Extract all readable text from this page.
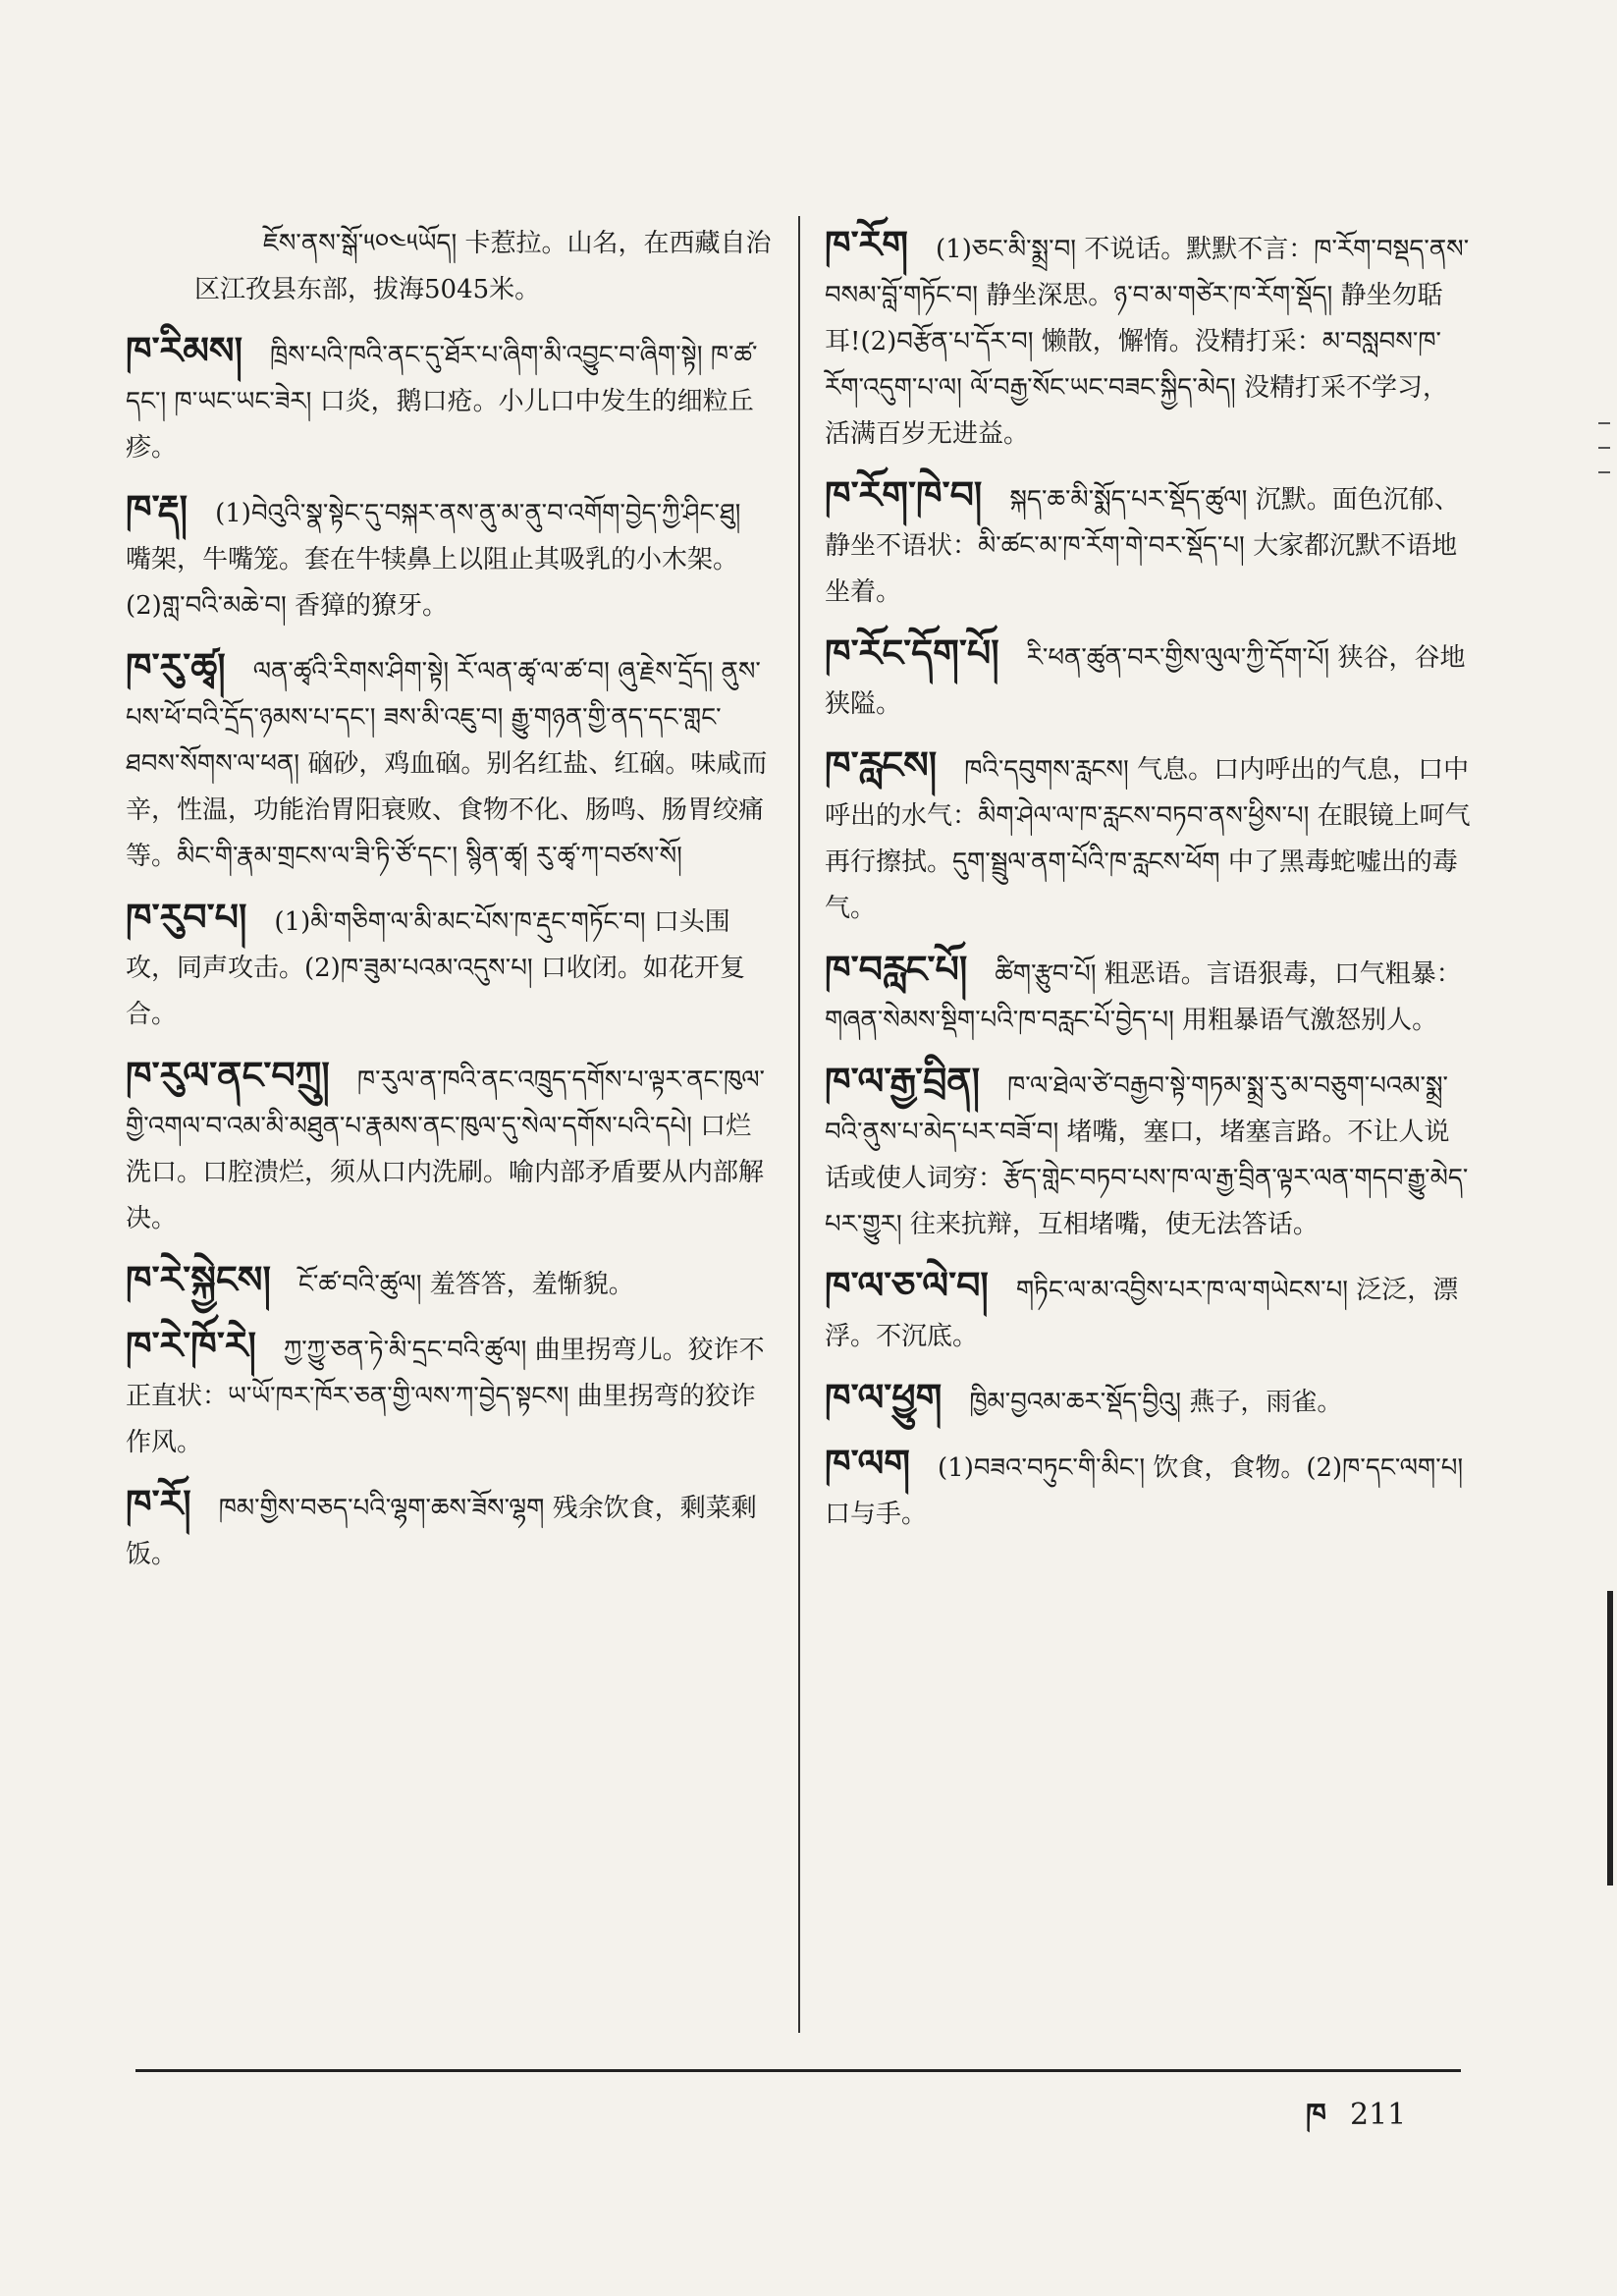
ཇོས་ནས་སྒོ་༥༠༤༥ཡོད། 卡惹拉。山名，在西藏自治区江孜县东部，拔海5045米。
ཁ་རིམས། ཁྲིས་པའི་ཁའི་ནང་དུ་ཐོར་པ་ཞིག་མི་འབྱུང་བ་ཞིག་སྟེ། ཁ་ཚ་དང་། ཁ་ཡང་ཡང་ཟེར། 口炎，鹅口疮。小儿口中发生的细粒丘疹。
ཁ་རྡ། (1)བེའུའི་སྣ་སྟེང་དུ་བསྐར་ནས་ནུ་མ་ནུ་བ་འགོག་བྱེད་ཀྱི་ཤིང་ཐུ། 嘴架，牛嘴笼。套在牛犊鼻上以阻止其吸乳的小木架。(2)གླ་བའི་མཆེ་བ། 香獐的獠牙。
ཁ་རུ་ཚྭ། ལན་ཚྭའི་རིགས་ཤིག་སྟེ། རོ་ལན་ཚྭ་ལ་ཚ་བ། ཞུ་རྗེས་དྲོད། ནུས་པས་ཕོ་བའི་དྲོད་ཉམས་པ་དང་། ཟས་མི་འཇུ་བ། རྒྱུ་གཉན་གྱི་ནད་དང་གླང་ཐབས་སོགས་ལ་ཕན། 硇砂，鸡血硇。别名红盐、红硇。味咸而辛，性温，功能治胃阳衰败、食物不化、肠鸣、肠胃绞痛等。མིང་གི་རྣམ་གྲངས་ལ་ཟི་ཏི་ཙོ་དང་། སྙིན་ཚྭ། རུ་ཚྭ་ཀ་བཙས་སོ།
ཁ་རུབ་པ། (1)མི་གཅིག་ལ་མི་མང་པོས་ཁ་རྡུང་གཏོང་བ། 口头围攻，同声攻击。(2)ཁ་ཟུམ་པའམ་འདུས་པ། 口收闭。如花开复合。
ཁ་རུལ་ནང་བཀྲུ། ཁ་རུལ་ན་ཁའི་ནང་འཁྲུད་དགོས་པ་ལྟར་ནང་ཁུལ་གྱི་འགལ་བ་འམ་མི་མཐུན་པ་རྣམས་ནང་ཁུལ་དུ་སེལ་དགོས་པའི་དཔེ། 口烂洗口。口腔溃烂，须从口内洗刷。喻内部矛盾要从内部解决。
ཁ་རེ་སྐྱེངས། ངོ་ཚ་བའི་ཚུལ། 羞答答，羞惭貌。
ཁ་རེ་ཁོ་རེ། ཀྱ་ཀྱུ་ཅན་ཏེ་མི་དྲང་བའི་ཚུལ། 曲里拐弯儿。狡诈不正直状：ཡ་ཡོ་ཁར་ཁོར་ཅན་གྱི་ལས་ཀ་བྱེད་སྟངས། 曲里拐弯的狡诈作风。
ཁ་རོ། ཁམ་གྱིས་བཅད་པའི་ལྷག་ཆས་ཟོས་ལྷག 残余饮食，剩菜剩饭。
ཁ་རོག (1)ཅང་མི་སྨྲ་བ། 不说话。默默不言：ཁ་རོག་བསྡད་ནས་བསམ་བློ་གཏོང་བ། 静坐深思。ཉ་བ་མ་གཙེར་ཁ་རོག་སྡོད། 静坐勿聒耳!(2)བརྩོན་པ་དོར་བ། 懒散，懈惰。没精打采：མ་བསླབས་ཁ་རོག་འདུག་པ་ལ། ལོ་བརྒྱ་སོང་ཡང་བཟང་སྐྱིད་མེད། 没精打采不学习，活满百岁无进益。
ཁ་རོག་ཁེ་བ། སྐད་ཆ་མི་སྨོད་པར་སྡོད་ཚུལ། 沉默。面色沉郁、静坐不语状：མི་ཚང་མ་ཁ་རོག་གེ་བར་སྡོད་པ། 大家都沉默不语地坐着。
ཁ་རོང་དོག་པོ། རི་ཕན་ཚུན་བར་གྱིས་ལུལ་ཀྱི་དོག་པོ། 狭谷，谷地狭隘。
ཁ་རླངས། ཁའི་དབུགས་རླངས། 气息。口内呼出的气息，口中呼出的水气：མིག་ཤེལ་ལ་ཁ་རླངས་བཏབ་ནས་ཕྱིས་པ། 在眼镜上呵气再行擦拭。དུག་སྦྲུལ་ནག་པོའི་ཁ་རླངས་ཕོག 中了黑毒蛇嘘出的毒气。
ཁ་བརླང་པོ། ཚིག་རྩུབ་པོ། 粗恶语。言语狠毒，口气粗暴：གཞན་སེམས་སྡིག་པའི་ཁ་བརླང་པོ་བྱེད་པ། 用粗暴语气激怒别人。
ཁ་ལ་རྒྱ་བྲིན། ཁ་ལ་ཐེལ་ཙེ་བརྒྱབ་སྟེ་གཏམ་སྨྲ་རུ་མ་བཅུག་པའམ་སྨྲ་བའི་ནུས་པ་མེད་པར་བཟོ་བ། 堵嘴，塞口，堵塞言路。不让人说话或使人词穷：རྩོད་གླེང་བཏབ་པས་ཁ་ལ་རྒྱ་བྲིན་ལྟར་ལན་གདབ་རྒྱུ་མེད་པར་གྱུར། 往来抗辩，互相堵嘴，使无法答话。
ཁ་ལ་ཅ་ལེ་བ། གཏིང་ལ་མ་འབྱིས་པར་ཁ་ལ་གཡེངས་པ། 泛泛，漂浮。不沉底。
ཁ་ལ་ཕྱུག ཁྱིམ་བྱའམ་ཆར་སྡོད་བྱིའུ། 燕子，雨雀。
ཁ་ལག (1)བཟའ་བཏུང་གི་མིང་། 饮食，食物。(2)ཁ་དང་ལག་པ། 口与手。
ཁ 211
